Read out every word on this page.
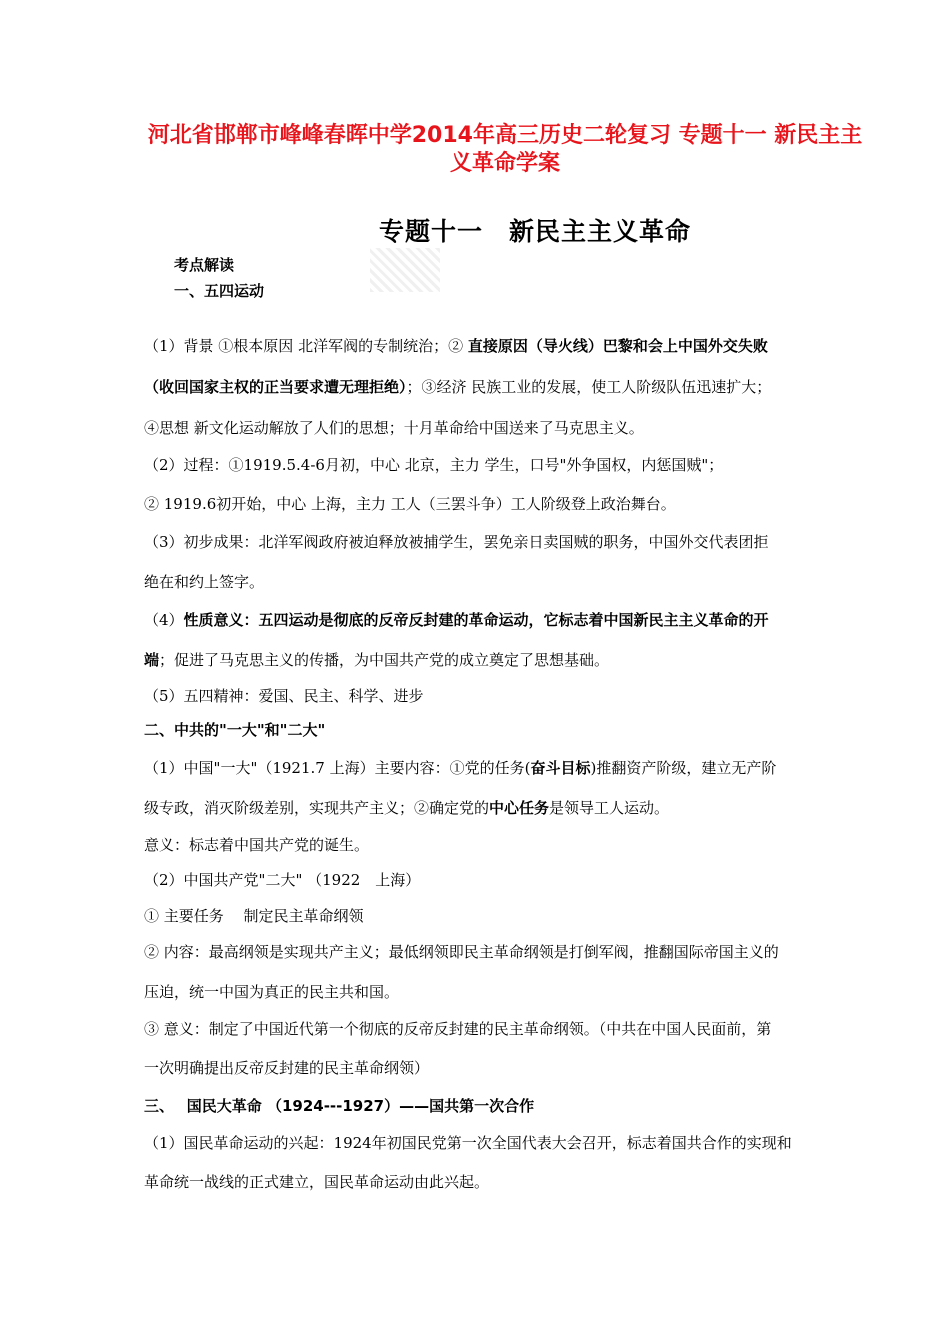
河北省邯郸市峰峰春晖中学2014年高三历史二轮复习 专题十一 新民主主义革命学案
专题十一　新民主主义革命
考点解读
一、五四运动
（1）背景 ①根本原因 北洋军阀的专制统治；② 直接原因（导火线）巴黎和会上中国外交失败
（收回国家主权的正当要求遭无理拒绝）；③经济 民族工业的发展，使工人阶级队伍迅速扩大；
④思想 新文化运动解放了人们的思想；十月革命给中国送来了马克思主义。
（2）过程：①1919.5.4-6月初，中心 北京，主力 学生，口号"外争国权，内惩国贼"；
② 1919.6初开始，中心 上海，主力 工人（三罢斗争）工人阶级登上政治舞台。
（3）初步成果：北洋军阀政府被迫释放被捕学生，罢免亲日卖国贼的职务，中国外交代表团拒
绝在和约上签字。
（4）性质意义：五四运动是彻底的反帝反封建的革命运动，它标志着中国新民主主义革命的开
端；促进了马克思主义的传播，为中国共产党的成立奠定了思想基础。
（5）五四精神：爱国、民主、科学、进步
二、中共的"一大"和"二大"
（1）中国"一大"（1921.7 上海）主要内容：①党的任务(奋斗目标)推翻资产阶级，建立无产阶
级专政，消灭阶级差别，实现共产主义；②确定党的中心任务是领导工人运动。
意义：标志着中国共产党的诞生。
（2）中国共产党"二大" （1922　上海）
① 主要任务　 制定民主革命纲领
② 内容：最高纲领是实现共产主义；最低纲领即民主革命纲领是打倒军阀，推翻国际帝国主义的
压迫，统一中国为真正的民主共和国。
③ 意义：制定了中国近代第一个彻底的反帝反封建的民主革命纲领。（中共在中国人民面前，第
一次明确提出反帝反封建的民主革命纲领）
三、　 国民大革命 （1924---1927）——国共第一次合作
（1）国民革命运动的兴起：1924年初国民党第一次全国代表大会召开，标志着国共合作的实现和
革命统一战线的正式建立，国民革命运动由此兴起。
